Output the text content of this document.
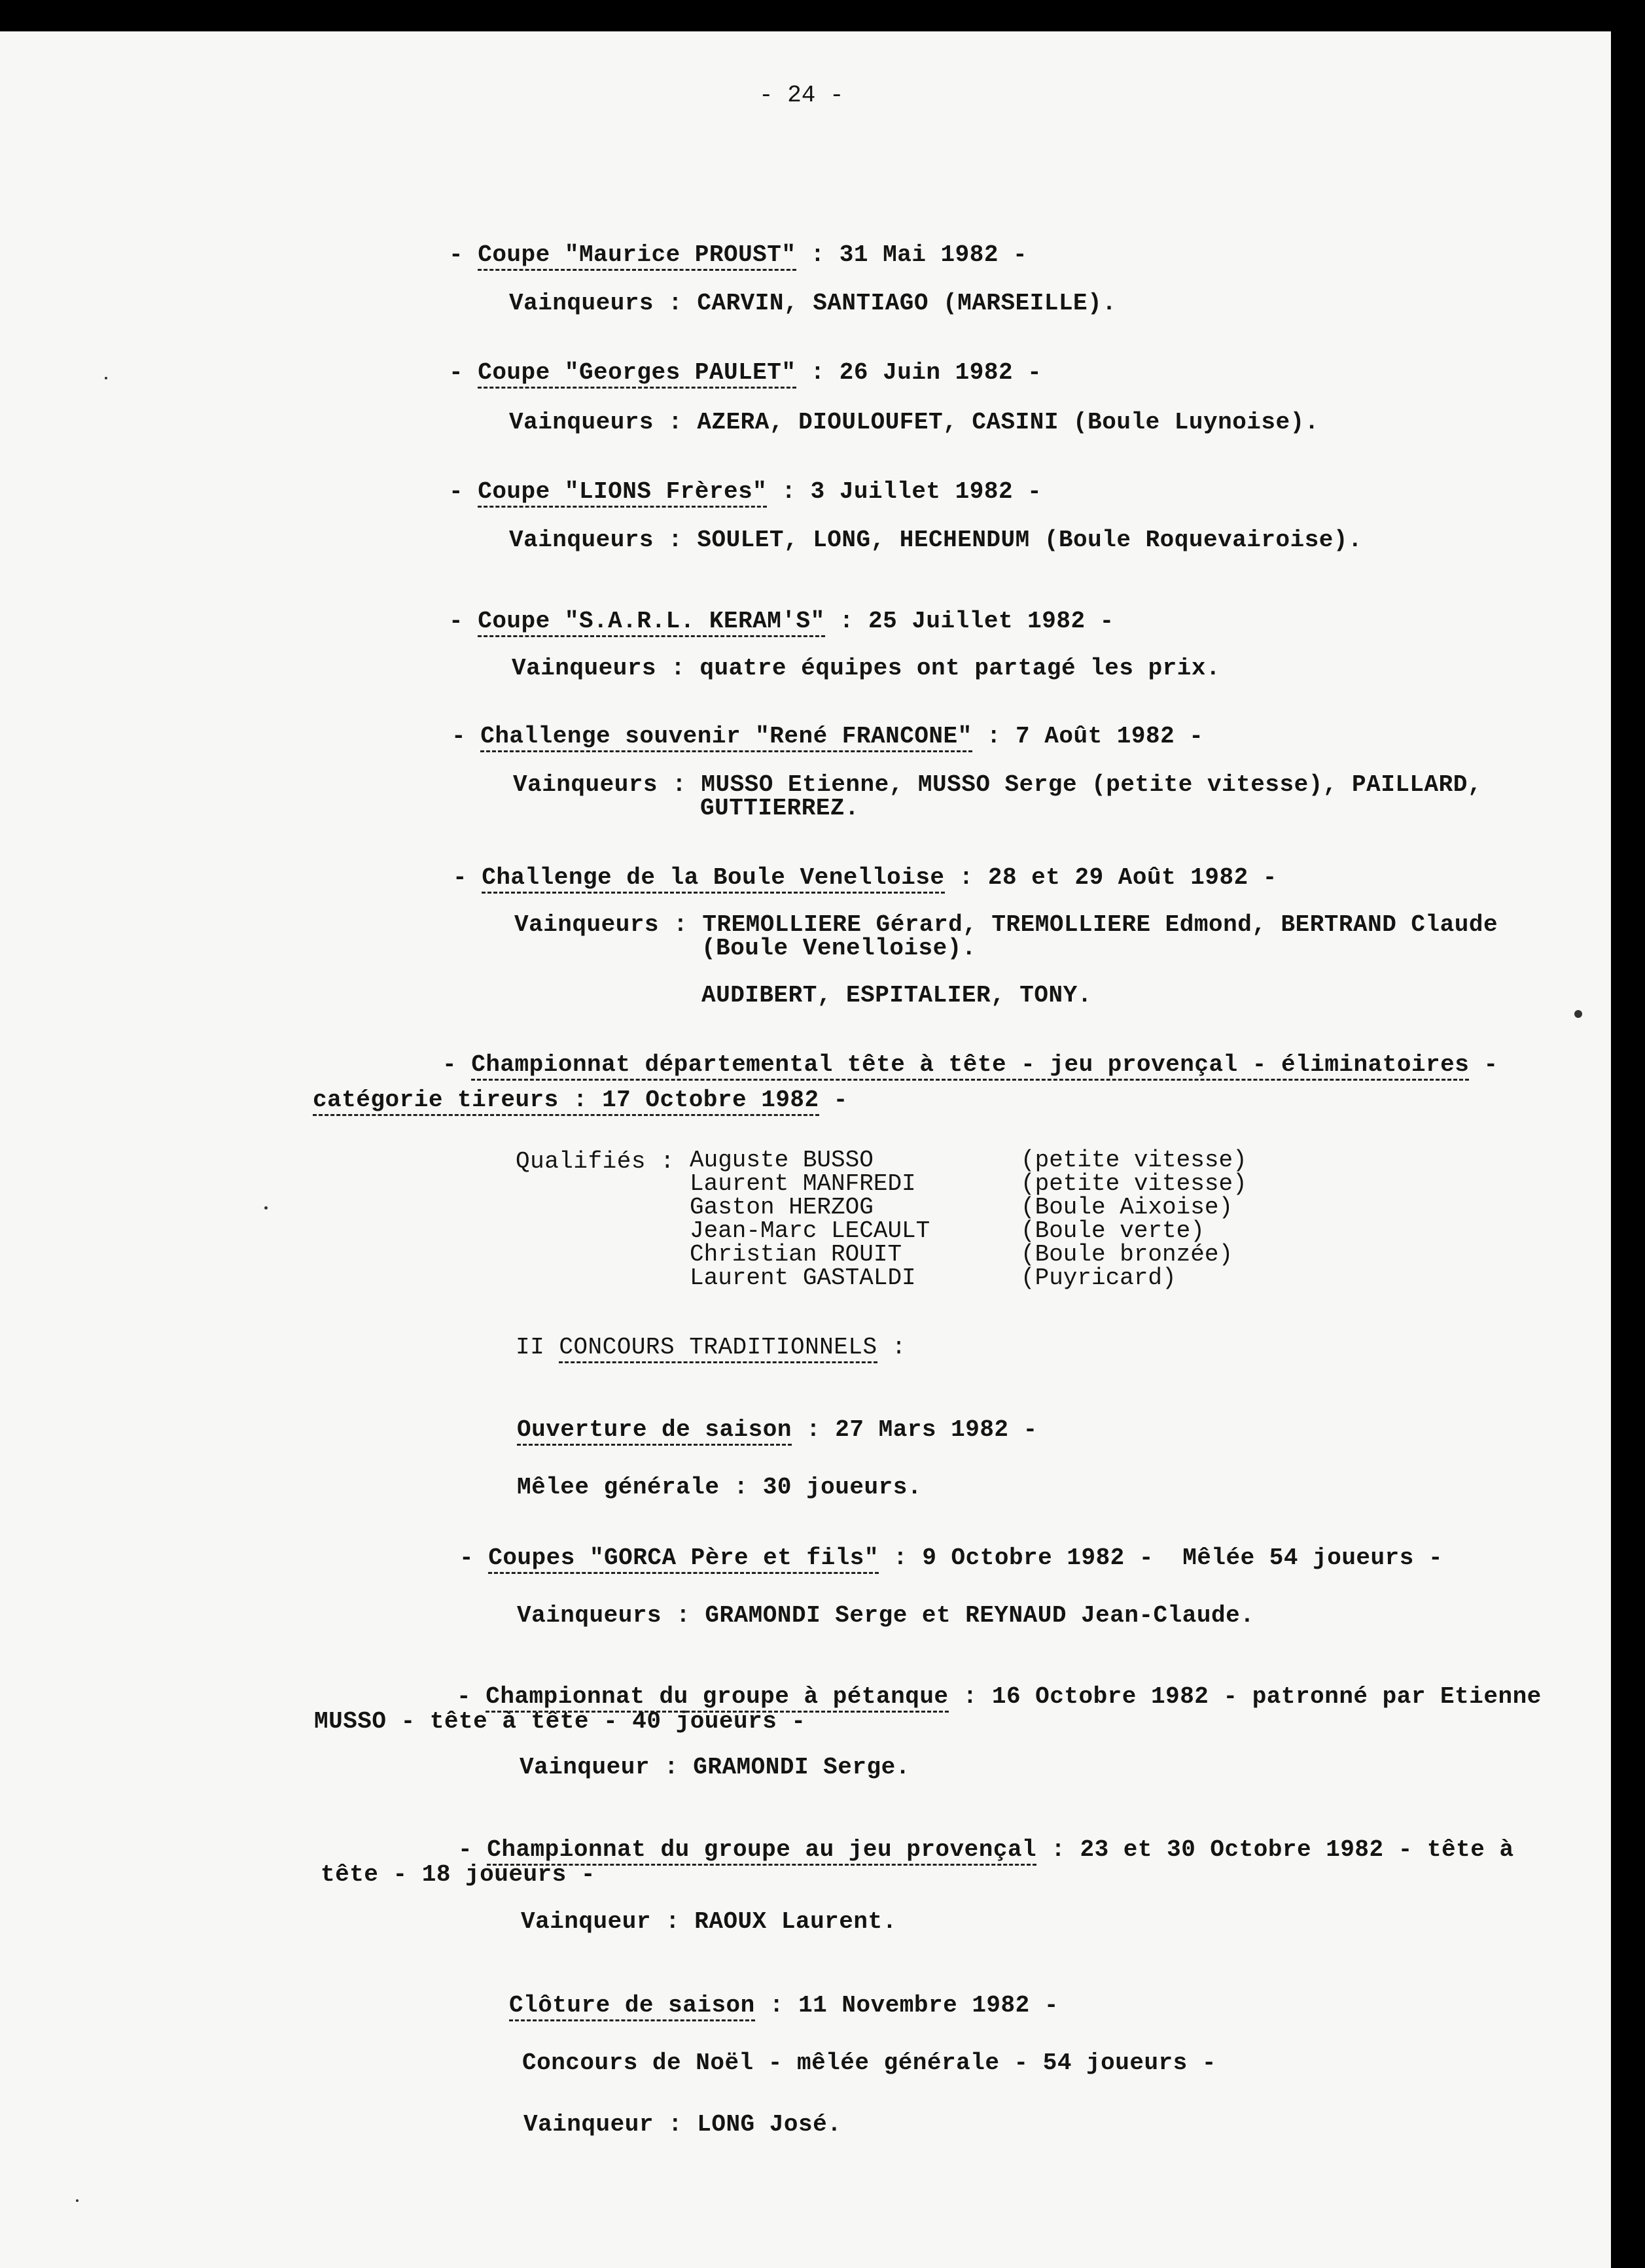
- 24 -
- Coupe "Maurice PROUST" : 31 Mai 1982 -
Vainqueurs : CARVIN, SANTIAGO (MARSEILLE).
- Coupe "Georges PAULET" : 26 Juin 1982 -
Vainqueurs : AZERA, DIOULOUFET, CASINI (Boule Luynoise).
- Coupe "LIONS Frères" : 3 Juillet 1982 -
Vainqueurs : SOULET, LONG, HECHENDUM (Boule Roquevairoise).
- Coupe "S.A.R.L. KERAM'S" : 25 Juillet 1982 -
Vainqueurs : quatre équipes ont partagé les prix.
- Challenge souvenir "René FRANCONE" : 7 Août 1982 -
Vainqueurs : MUSSO Etienne, MUSSO Serge (petite vitesse), PAILLARD,
GUTTIERREZ.
- Challenge de la Boule Venelloise : 28 et 29 Août 1982 -
Vainqueurs : TREMOLLIERE Gérard, TREMOLLIERE Edmond, BERTRAND Claude
(Boule Venelloise).
AUDIBERT, ESPITALIER, TONY.
- Championnat départemental tête à tête - jeu provençal - éliminatoires -
catégorie tireurs : 17 Octobre 1982 -
Qualifiés : Auguste BUSSO	(petite vitesse)
Laurent MANFREDI	(petite vitesse)
Gaston HERZOG	(Boule Aixoise)
Jean-Marc LECAULT	(Boule verte)
Christian ROUIT	(Boule bronzée)
Laurent GASTALDI	(Puyricard)
II CONCOURS TRADITIONNELS :
Ouverture de saison : 27 Mars 1982 -
Mêlee générale : 30 joueurs.
- Coupes "GORCA Père et fils" : 9 Octobre 1982 -  Mêlée 54 joueurs -
Vainqueurs : GRAMONDI Serge et REYNAUD Jean-Claude.
- Championnat du groupe à pétanque : 16 Octobre 1982 - patronné par Etienne
MUSSO - tête à tête - 40 joueurs -
Vainqueur : GRAMONDI Serge.
- Championnat du groupe au jeu provençal : 23 et 30 Octobre 1982 - tête à
tête - 18 joueurs -
Vainqueur : RAOUX Laurent.
Clôture de saison : 11 Novembre 1982 -
Concours de Noël - mêlée générale - 54 joueurs -
Vainqueur : LONG José.
